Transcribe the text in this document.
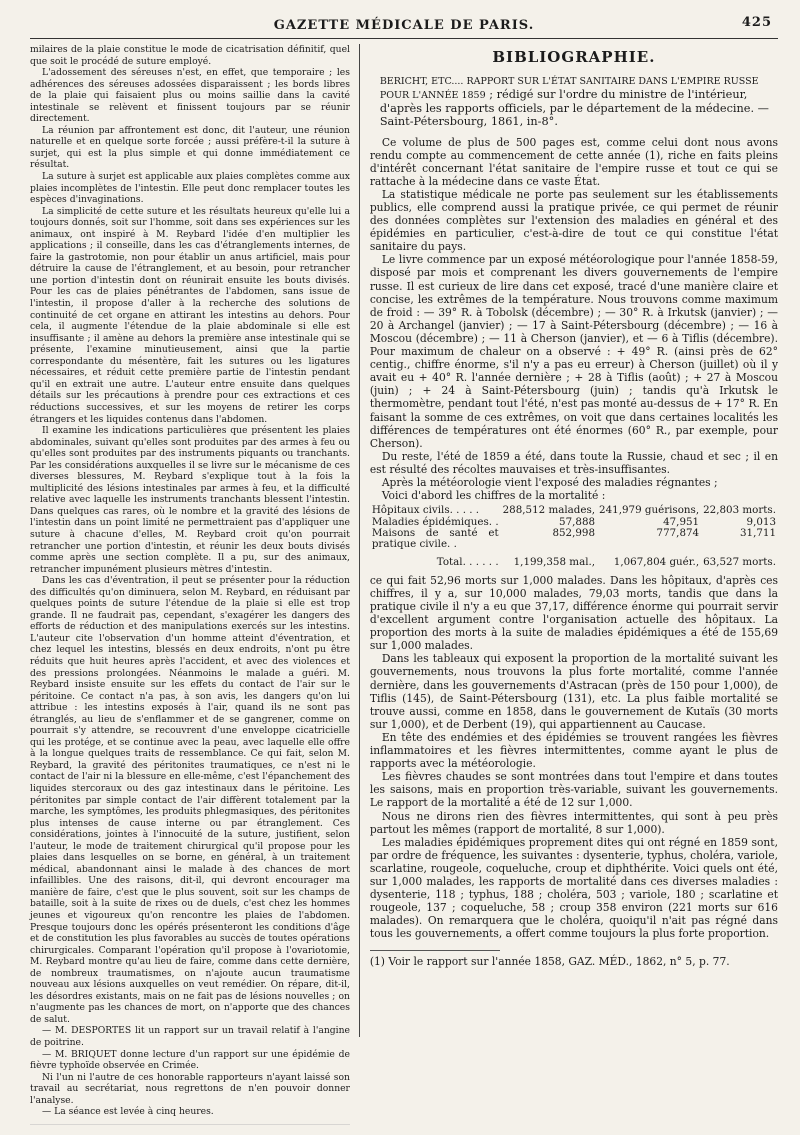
GAZETTE MÉDICALE DE PARIS.	425

milaires de la plaie constitue le mode de cicatrisation définitif, quel que soit le procédé de suture employé.

L'adossement des séreuses n'est, en effet, que temporaire ; les adhérences des séreuses adossées disparaissent ; les bords libres de la plaie qui faisaient plus ou moins saillie dans la cavité intestinale se relèvent et finissent toujours par se réunir directement.

La réunion par affrontement est donc, dit l'auteur, une réunion naturelle et en quelque sorte forcée ; aussi préfère-t-il la suture à surjet, qui est la plus simple et qui donne immédiatement ce résultat.

La suture à surjet est applicable aux plaies complètes comme aux plaies incomplètes de l'intestin. Elle peut donc remplacer toutes les espèces d'invaginations.

La simplicité de cette suture et les résultats heureux qu'elle lui a toujours donnés, soit sur l'homme, soit dans ses expériences sur les animaux, ont inspiré à M. Reybard l'idée d'en multiplier les applications ; il conseille, dans les cas d'étranglements internes, de faire la gastrotomie, non pour établir un anus artificiel, mais pour détruire la cause de l'étranglement, et au besoin, pour retrancher une portion d'intestin dont on réunirait ensuite les bouts divisés. Pour les cas de plaies pénétrantes de l'abdomen, sans issue de l'intestin, il propose d'aller à la recherche des solutions de continuité de cet organe en attirant les intestins au dehors. Pour cela, il augmente l'étendue de la plaie abdominale si elle est insuffisante ; il amène au dehors la première anse intestinale qui se présente, l'examine minutieusement, ainsi que la partie correspondante du mésentère, fait les sutures ou les ligatures nécessaires, et réduit cette première partie de l'intestin pendant qu'il en extrait une autre. L'auteur entre ensuite dans quelques détails sur les précautions à prendre pour ces extractions et ces réductions successives, et sur les moyens de retirer les corps étrangers et les liquides contenus dans l'abdomen.

Il examine les indications particulières que présentent les plaies abdominales, suivant qu'elles sont produites par des armes à feu ou qu'elles sont produites par des instruments piquants ou tranchants. Par les considérations auxquelles il se livre sur le mécanisme de ces diverses blessures, M. Reybard s'explique tout à la fois la multiplicité des lésions intestinales par armes à feu, et la difficulté relative avec laquelle les instruments tranchants blessent l'intestin. Dans quelques cas rares, où le nombre et la gravité des lésions de l'intestin dans un point limité ne permettraient pas d'appliquer une suture à chacune d'elles, M. Reybard croit qu'on pourrait retrancher une portion d'intestin, et réunir les deux bouts divisés comme après une section complète. Il a pu, sur des animaux, retrancher impunément plusieurs mètres d'intestin.

Dans les cas d'éventration, il peut se présenter pour la réduction des difficultés qu'on diminuera, selon M. Reybard, en réduisant par quelques points de suture l'étendue de la plaie si elle est trop grande. Il ne faudrait pas, cependant, s'exagérer les dangers des efforts de réduction et des manipulations exercés sur les intestins. L'auteur cite l'observation d'un homme atteint d'éventration, et chez lequel les intestins, blessés en deux endroits, n'ont pu être réduits que huit heures après l'accident, et avec des violences et des pressions prolongées. Néanmoins le malade a guéri. M. Reybard insiste ensuite sur les effets du contact de l'air sur le péritoine. Ce contact n'a pas, à son avis, les dangers qu'on lui attribue : les intestins exposés à l'air, quand ils ne sont pas étranglés, au lieu de s'enflammer et de se gangrener, comme on pourrait s'y attendre, se recouvrent d'une enveloppe cicatricielle qui les protége, et se continue avec la peau, avec laquelle elle offre à la longue quelques traits de ressemblance. Ce qui fait, selon M. Reybard, la gravité des péritonites traumatiques, ce n'est ni le contact de l'air ni la blessure en elle-même, c'est l'épanchement des liquides stercoraux ou des gaz intestinaux dans le péritoine. Les péritonites par simple contact de l'air diffèrent totalement par la marche, les symptômes, les produits phlegmasiques, des péritonites plus intenses de cause interne ou par étranglement. Ces considérations, jointes à l'innocuité de la suture, justifient, selon l'auteur, le mode de traitement chirurgical qu'il propose pour les plaies dans lesquelles on se borne, en général, à un traitement médical, abandonnant ainsi le malade à des chances de mort infaillibles. Une des raisons, dit-il, qui devront encourager ma manière de faire, c'est que le plus souvent, soit sur les champs de bataille, soit à la suite de rixes ou de duels, c'est chez les hommes jeunes et vigoureux qu'on rencontre les plaies de l'abdomen. Presque toujours donc les opérés présenteront les conditions d'âge et de constitution les plus favorables au succès de toutes opérations chirurgicales. Comparant l'opération qu'il propose à l'ovariotomie, M. Reybard montre qu'au lieu de faire, comme dans cette dernière, de nombreux traumatismes, on n'ajoute aucun traumatisme nouveau aux lésions auxquelles on veut remédier. On répare, dit-il, les désordres existants, mais on ne fait pas de lésions nouvelles ; on n'augmente pas les chances de mort, on n'apporte que des chances de salut.

— M. DESPORTES lit un rapport sur un travail relatif à l'angine de poitrine.

— M. BRIQUET donne lecture d'un rapport sur une épidémie de fièvre typhoïde observée en Crimée.

Ni l'un ni l'autre de ces honorable rapporteurs n'ayant laissé son travail au secrétariat, nous regrettons de n'en pouvoir donner l'analyse.

— La séance est levée à cinq heures.

BIBLIOGRAPHIE.
BERICHT, ETC.... RAPPORT SUR L'ÉTAT SANITAIRE DANS L'EMPIRE RUSSE POUR L'ANNÉE 1859 ; rédigé sur l'ordre du ministre de l'intérieur, d'après les rapports officiels, par le département de la médecine. — Saint-Pétersbourg, 1861, in-8°.

Ce volume de plus de 500 pages est, comme celui dont nous avons rendu compte au commencement de cette année (1), riche en faits pleins d'intérêt concernant l'état sanitaire de l'empire russe et tout ce qui se rattache à la médecine dans ce vaste État.

La statistique médicale ne porte pas seulement sur les établissements publics, elle comprend aussi la pratique privée, ce qui permet de réunir des données complètes sur l'extension des maladies en général et des épidémies en particulier, c'est-à-dire de tout ce qui constitue l'état sanitaire du pays.

Le livre commence par un exposé météorologique pour l'année 1858-59, disposé par mois et comprenant les divers gouvernements de l'empire russe. Il est curieux de lire dans cet exposé, tracé d'une manière claire et concise, les extrêmes de la température. Nous trouvons comme maximum de froid : — 39° R. à Tobolsk (décembre) ; — 30° R. à Irkutsk (janvier) ; — 20 à Archangel (janvier) ; — 17 à Saint-Pétersbourg (décembre) ; — 16 à Moscou (décembre) ; — 11 à Cherson (janvier), et — 6 à Tiflis (décembre). Pour maximum de chaleur on a observé : + 49° R. (ainsi près de 62° centig., chiffre énorme, s'il n'y a pas eu erreur) à Cherson (juillet) où il y avait eu + 40° R. l'année dernière ; + 28 à Tiflis (août) ; + 27 à Moscou (juin) ; + 24 à Saint-Pétersbourg (juin) ; tandis qu'à Irkutsk le thermomètre, pendant tout l'été, n'est pas monté au-dessus de + 17° R. En faisant la somme de ces extrêmes, on voit que dans certaines localités les différences de températures ont été énormes (60° R., par exemple, pour Cherson).

Du reste, l'été de 1859 a été, dans toute la Russie, chaud et sec ; il en est résulté des récoltes mauvaises et très-insuffisantes.

Après la météorologie vient l'exposé des maladies régnantes ;

Voici d'abord les chiffres de la mortalité :

Hôpitaux civils. . . . .	288,512 malades,	241,979 guérisons,	22,803 morts.
Maladies épidémiques. .	57,888	47,951	9,013
Maisons de santé et pratique civile. .	852,998	777,874	31,711
Total. . . . . .	1,199,358 mal.,	1,067,804 guér.,	63,527 morts.

ce qui fait 52,96 morts sur 1,000 malades. Dans les hôpitaux, d'après ces chiffres, il y a, sur 10,000 malades, 79,03 morts, tandis que dans la pratique civile il n'y a eu que 37,17, différence énorme qui pourrait servir d'excellent argument contre l'organisation actuelle des hôpitaux. La proportion des morts à la suite de maladies épidémiques a été de 155,69 sur 1,000 malades.

Dans les tableaux qui exposent la proportion de la mortalité suivant les gouvernements, nous trouvons la plus forte mortalité, comme l'année dernière, dans les gouvernements d'Astracan (près de 150 pour 1,000), de Tiflis (145), de Saint-Pétersbourg (131), etc. La plus faible mortalité se trouve aussi, comme en 1858, dans le gouvernement de Kutaïs (30 morts sur 1,000), et de Derbent (19), qui appartiennent au Caucase.

En tête des endémies et des épidémies se trouvent rangées les fièvres inflammatoires et les fièvres intermittentes, comme ayant le plus de rapports avec la météorologie.

Les fièvres chaudes se sont montrées dans tout l'empire et dans toutes les saisons, mais en proportion très-variable, suivant les gouvernements. Le rapport de la mortalité a été de 12 sur 1,000.

Nous ne dirons rien des fièvres intermittentes, qui sont à peu près partout les mêmes (rapport de mortalité, 8 sur 1,000).

Les maladies épidémiques proprement dites qui ont régné en 1859 sont, par ordre de fréquence, les suivantes : dysenterie, typhus, choléra, variole, scarlatine, rougeole, coqueluche, croup et diphthérite. Voici quels ont été, sur 1,000 malades, les rapports de mortalité dans ces diverses maladies : dysenterie, 118 ; typhus, 188 ; choléra, 503 ; variole, 180 ; scarlatine et rougeole, 137 ; coqueluche, 58 ; croup 358 environ (221 morts sur 616 malades). On remarquera que le choléra, quoiqu'il n'ait pas régné dans tous les gouvernements, a offert comme toujours la plus forte proportion.

(1) Voir le rapport sur l'année 1858, GAZ. MÉD., 1862, n° 5, p. 77.
